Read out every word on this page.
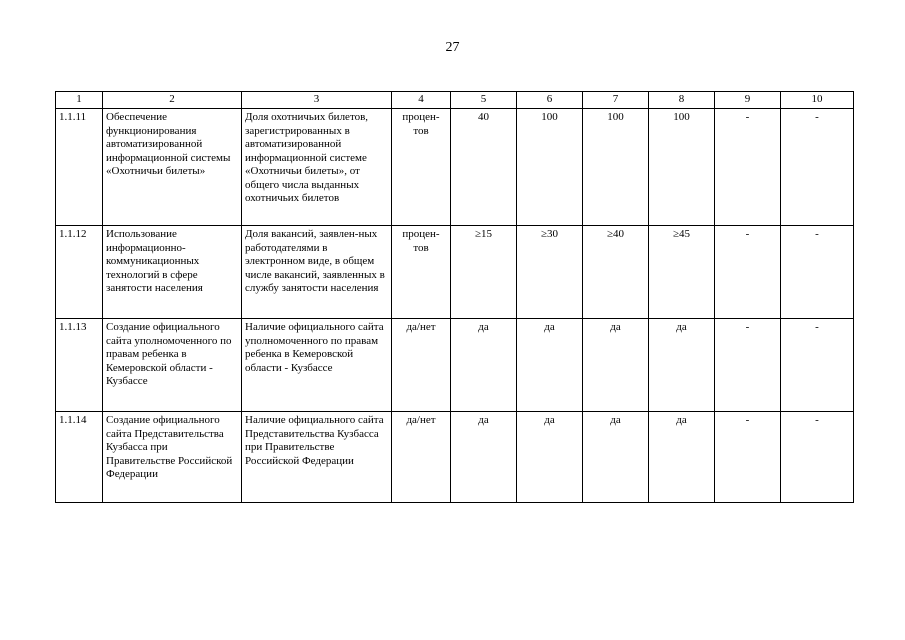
27
1	2	3	4	5	6	7	8	9	10
1.1.11	Обеспечение функционирования автоматизированной информационной системы «Охотничьи билеты»	Доля охотничьих билетов, зарегистрированных в автоматизированной информационной системе «Охотничьи билеты», от общего числа выданных охотничьих билетов	процен-тов	40	100	100	100	-	-
1.1.12	Использование информационно-коммуникационных технологий в сфере занятости населения	Доля вакансий, заявлен-ных работодателями в электронном виде, в общем числе вакансий, заявленных в службу занятости населения	процен-тов	≥15	≥30	≥40	≥45	-	-
1.1.13	Создание официального сайта уполномоченного по правам ребенка в Кемеровской области - Кузбассе	Наличие официального сайта уполномоченного по правам ребенка в Кемеровской области - Кузбассе	да/нет	да	да	да	да	-	-
1.1.14	Создание официального сайта Представительства Кузбасса при Правительстве Российской Федерации	Наличие официального сайта Представительства Кузбасса при Правительстве Российской Федерации	да/нет	да	да	да	да	-	-
